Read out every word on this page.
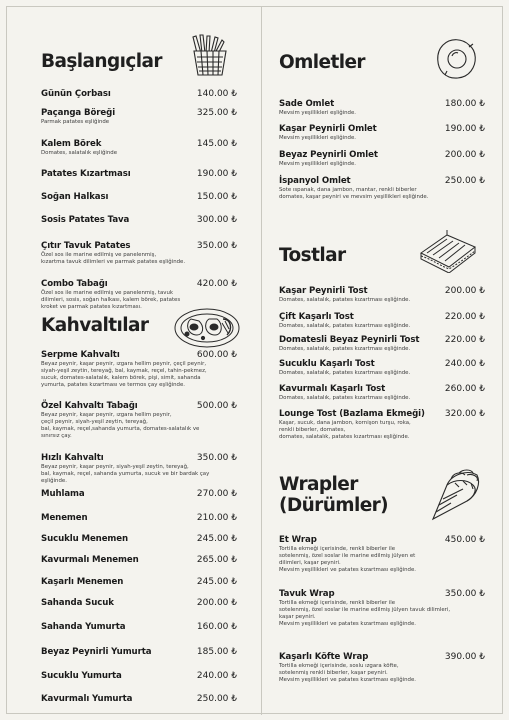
Başlangıçlar
Günün Çorbası	140.00 ₺
Paçanga Böreği	325.00 ₺
Parmak patates eşliğinde
Kalem Börek	145.00 ₺
Domates, salatalık eşliğinde
Patates Kızartması	190.00 ₺
Soğan Halkası	150.00 ₺
Sosis Patates Tava	300.00 ₺
Çıtır Tavuk Patates	350.00 ₺
Özel sos ile marine edilmiş ve panelenmiş,
kızartma tavuk dilimleri ve parmak patates eşliğinde.
Combo Tabağı	420.00 ₺
Özel sos ile marine edilmiş ve panelenmiş, tavuk
dilimleri, sosis, soğan halkası, kalem börek, patates
kroket ve parmak patates kızartması.
Kahvaltılar
Serpme Kahvaltı	600.00 ₺
Beyaz peynir, kaşar peynir, ızgara hellim peynir, çeçil peynir,
siyah-yeşil zeytin, tereyağ, bal, kaymak, reçel, tahin-pekmez,
sucuk, domates-salatalık, kalem börek, pişi, simit, sahanda
yumurta, patates kızartması ve termos çay eşliğinde.
Özel Kahvaltı Tabağı	500.00 ₺
Beyaz peynir, kaşar peynir, ızgara hellim peynir,
çeçil peynir, siyah-yeşil zeytin, tereyağ,
bal, kaymak, reçel,sahanda yumurta, domates-salatalık ve
sınırsız çay.
Hızlı Kahvaltı	350.00 ₺
Beyaz peynir, kaşar peynir, siyah-yeşil zeytin, tereyağ,
bal, kaymak, reçel, sahanda yumurta, sucuk ve bir bardak çay
eşliğinde.
Muhlama	270.00 ₺
Menemen	210.00 ₺
Sucuklu Menemen	245.00 ₺
Kavurmalı Menemen	265.00 ₺
Kaşarlı Menemen	245.00 ₺
Sahanda Sucuk	200.00 ₺
Sahanda Yumurta	160.00 ₺
Beyaz Peynirli Yumurta	185.00 ₺
Sucuklu Yumurta	240.00 ₺
Kavurmalı Yumurta	250.00 ₺
Omletler
Sade Omlet	180.00 ₺
Mevsim yeşillikleri eşliğinde.
Kaşar Peynirli Omlet	190.00 ₺
Mevsim yeşillikleri eşliğinde.
Beyaz Peynirli Omlet	200.00 ₺
Mevsim yeşillikleri eşliğinde.
İspanyol Omlet	250.00 ₺
Sote ıspanak, dana jambon, mantar, renkli biberler
domates, kaşar peyniri ve mevsim yeşillikleri eşliğinde.
Tostlar
Kaşar Peynirli Tost	200.00 ₺
Domates, salatalık, patates kızartması eşliğinde.
Çift Kaşarlı Tost	220.00 ₺
Domates, salatalık, patates kızartması eşliğinde.
Domatesli Beyaz Peynirli Tost	220.00 ₺
Domates, salatalık, patates kızartması eşliğinde.
Sucuklu Kaşarlı Tost	240.00 ₺
Domates, salatalık, patates kızartması eşliğinde.
Kavurmalı Kaşarlı Tost	260.00 ₺
Domates, salatalık, patates kızartması eşliğinde.
Lounge Tost (Bazlama Ekmeği) 320.00 ₺
Kaşar, sucuk, dana jambon, kornişon turşu, roka,
renkli biberler, domates,
domates, salatalık, patates kızartması eşliğinde.
Wrapler
(Dürümler)
Et Wrap	450.00 ₺
Tortilla ekmeği içerisinde, renkli biberler ile
sotelenmiş, özel soslar ile marine edilmiş jülyen et
dilimleri, kaşar peyniri.
Mevsim yeşillikleri ve patates kızartması eşliğinde.
Tavuk Wrap	350.00 ₺
Tortilla ekmeği içerisinde, renkli biberler ile
sotelenmiş, özel soslar ile marine edilmiş jülyen tavuk dilimleri,
kaşar peyniri.
Mevsim yeşillikleri ve patates kızartması eşliğinde.
Kaşarlı Köfte Wrap	390.00 ₺
Tortilla ekmeği içerisinde, soslu ızgara köfte,
sotelenmiş renkli biberler, kaşar peyniri.
Mevsim yeşillikleri ve patates kızartması eşliğinde.
